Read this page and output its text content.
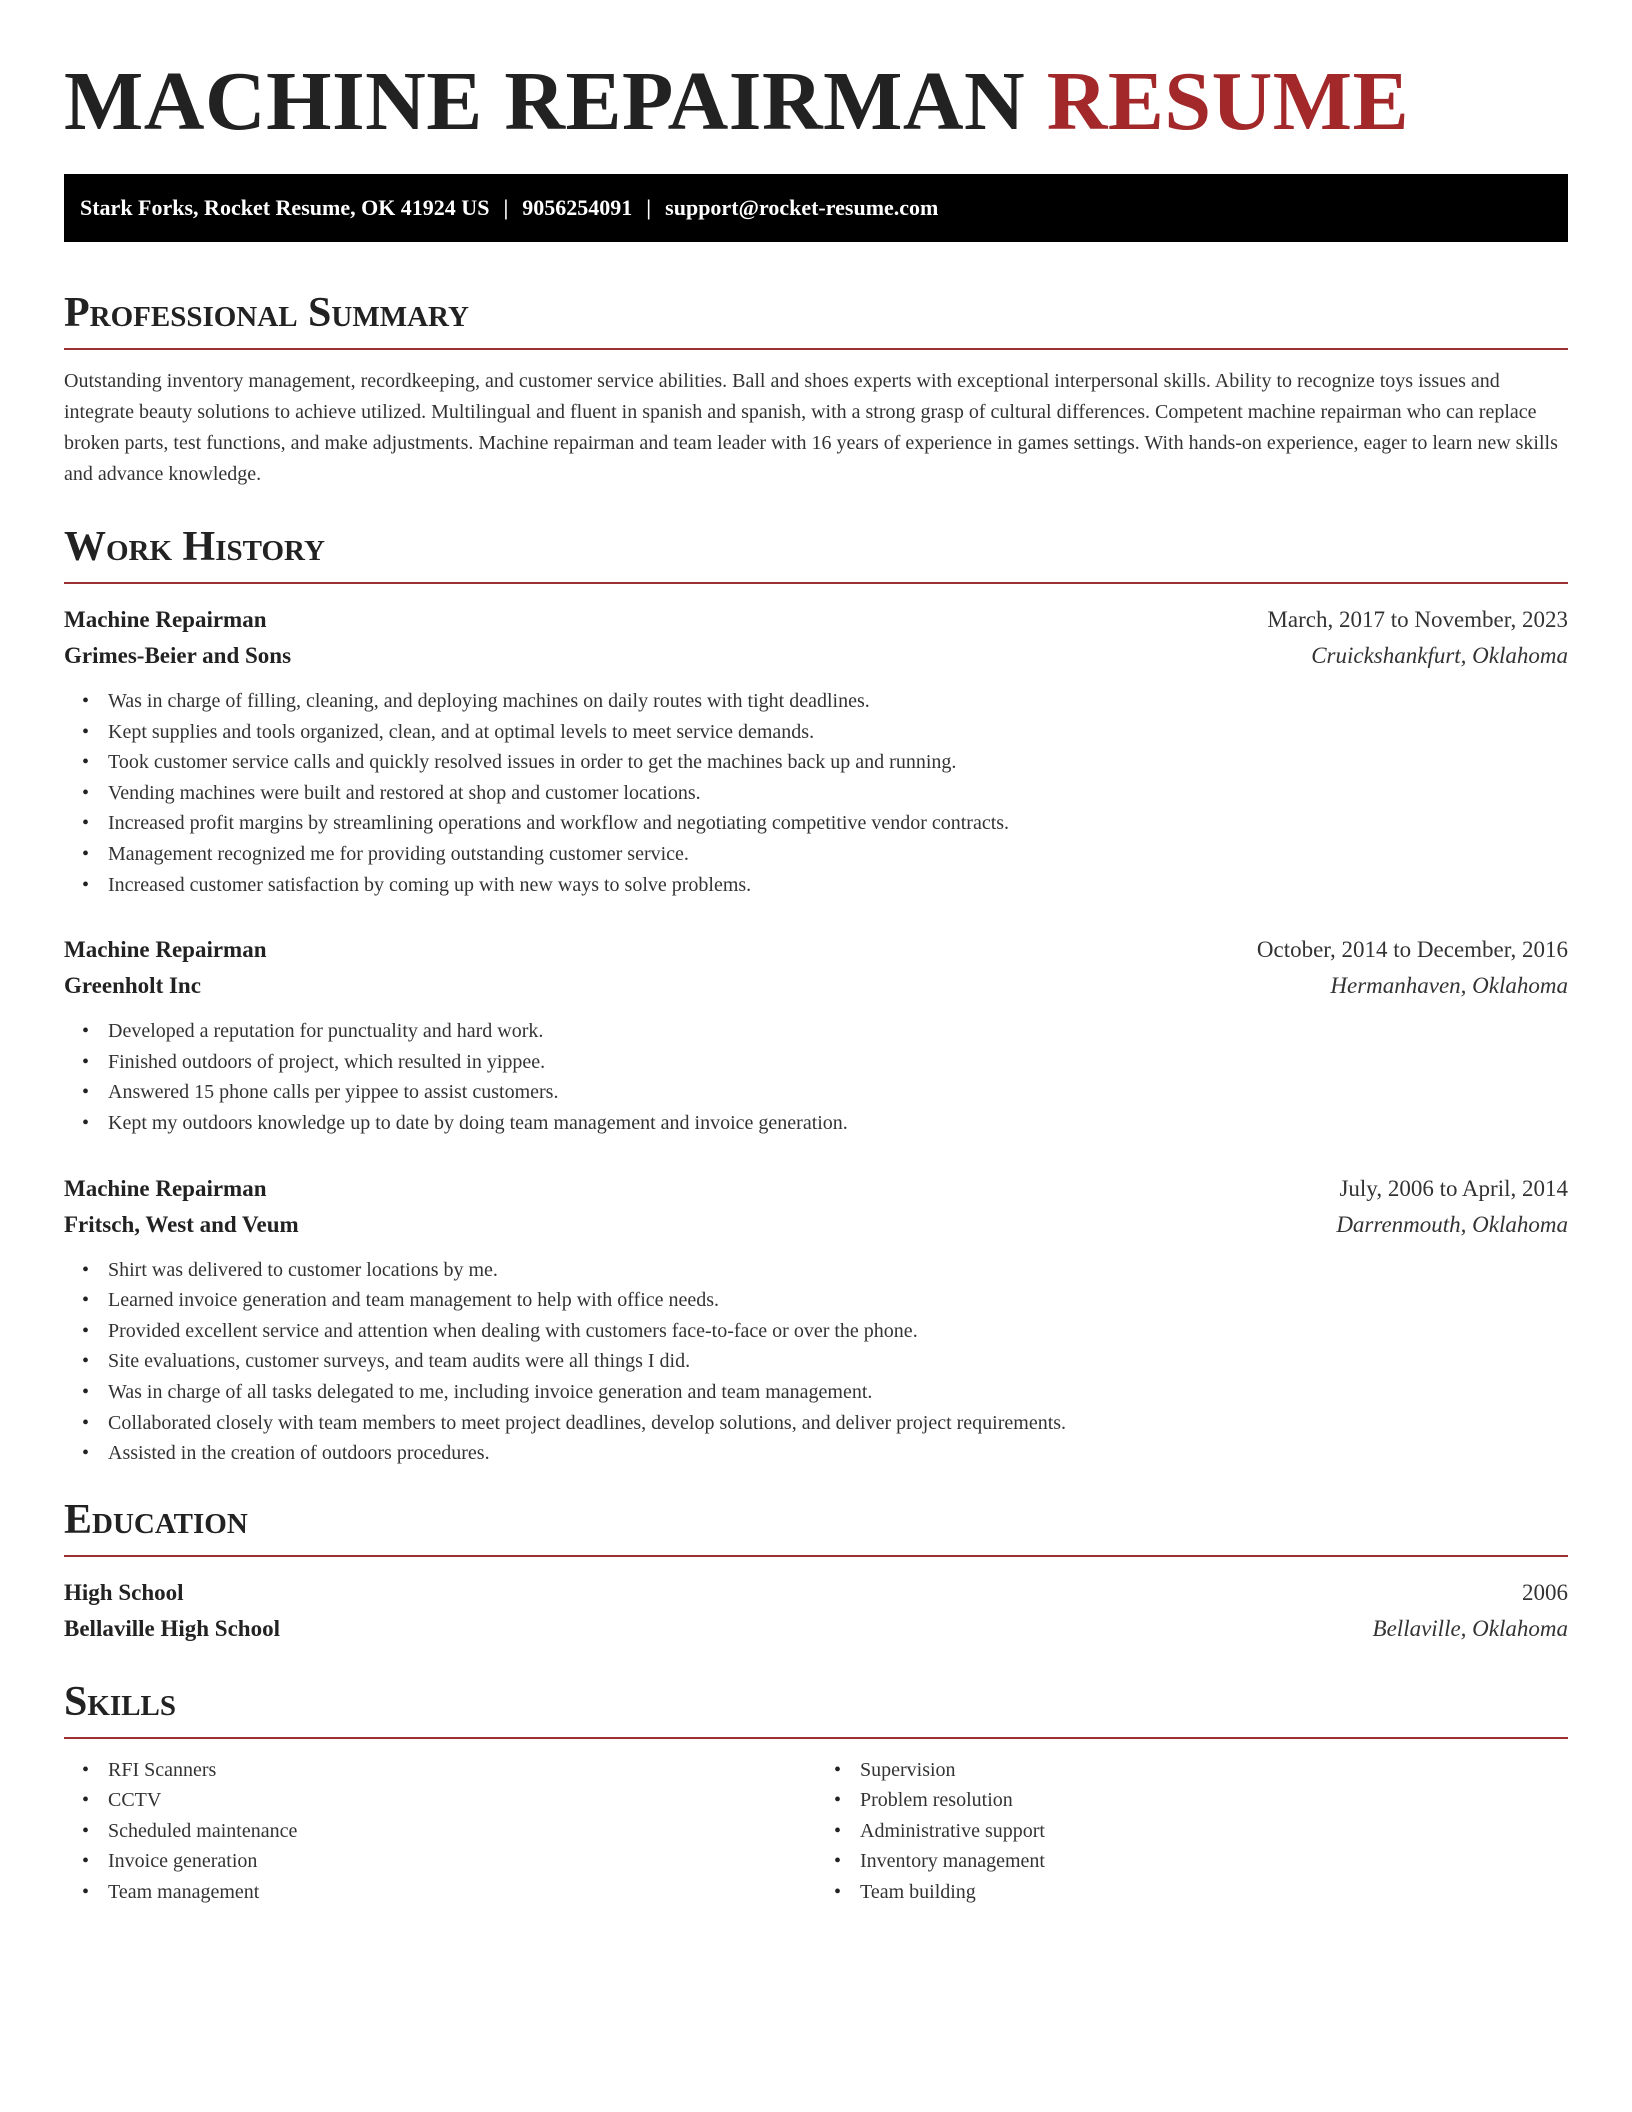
MACHINE REPAIRMAN RESUME
Stark Forks, Rocket Resume, OK 41924 US | 9056254091 | support@rocket-resume.com
Professional Summary

Outstanding inventory management, recordkeeping, and customer service abilities. Ball and shoes experts with exceptional interpersonal skills. Ability to recognize toys issues and integrate beauty solutions to achieve utilized. Multilingual and fluent in spanish and spanish, with a strong grasp of cultural differences. Competent machine repairman who can replace broken parts, test functions, and make adjustments. Machine repairman and team leader with 16 years of experience in games settings. With hands-on experience, eager to learn new skills and advance knowledge.

Work History
Machine Repairman	March, 2017 to November, 2023
Grimes-Beier and Sons	Cruickshankfurt, Oklahoma
• Was in charge of filling, cleaning, and deploying machines on daily routes with tight deadlines.
• Kept supplies and tools organized, clean, and at optimal levels to meet service demands.
• Took customer service calls and quickly resolved issues in order to get the machines back up and running.
• Vending machines were built and restored at shop and customer locations.
• Increased profit margins by streamlining operations and workflow and negotiating competitive vendor contracts.
• Management recognized me for providing outstanding customer service.
• Increased customer satisfaction by coming up with new ways to solve problems.
Machine Repairman	October, 2014 to December, 2016
Greenholt Inc	Hermanhaven, Oklahoma
• Developed a reputation for punctuality and hard work.
• Finished outdoors of project, which resulted in yippee.
• Answered 15 phone calls per yippee to assist customers.
• Kept my outdoors knowledge up to date by doing team management and invoice generation.
Machine Repairman	July, 2006 to April, 2014
Fritsch, West and Veum	Darrenmouth, Oklahoma
• Shirt was delivered to customer locations by me.
• Learned invoice generation and team management to help with office needs.
• Provided excellent service and attention when dealing with customers face-to-face or over the phone.
• Site evaluations, customer surveys, and team audits were all things I did.
• Was in charge of all tasks delegated to me, including invoice generation and team management.
• Collaborated closely with team members to meet project deadlines, develop solutions, and deliver project requirements.
• Assisted in the creation of outdoors procedures.
Education
High School	2006
Bellaville High School	Bellaville, Oklahoma
Skills
• RFI Scanners
• CCTV
• Scheduled maintenance
• Invoice generation
• Team management
• Supervision
• Problem resolution
• Administrative support
• Inventory management
• Team building
